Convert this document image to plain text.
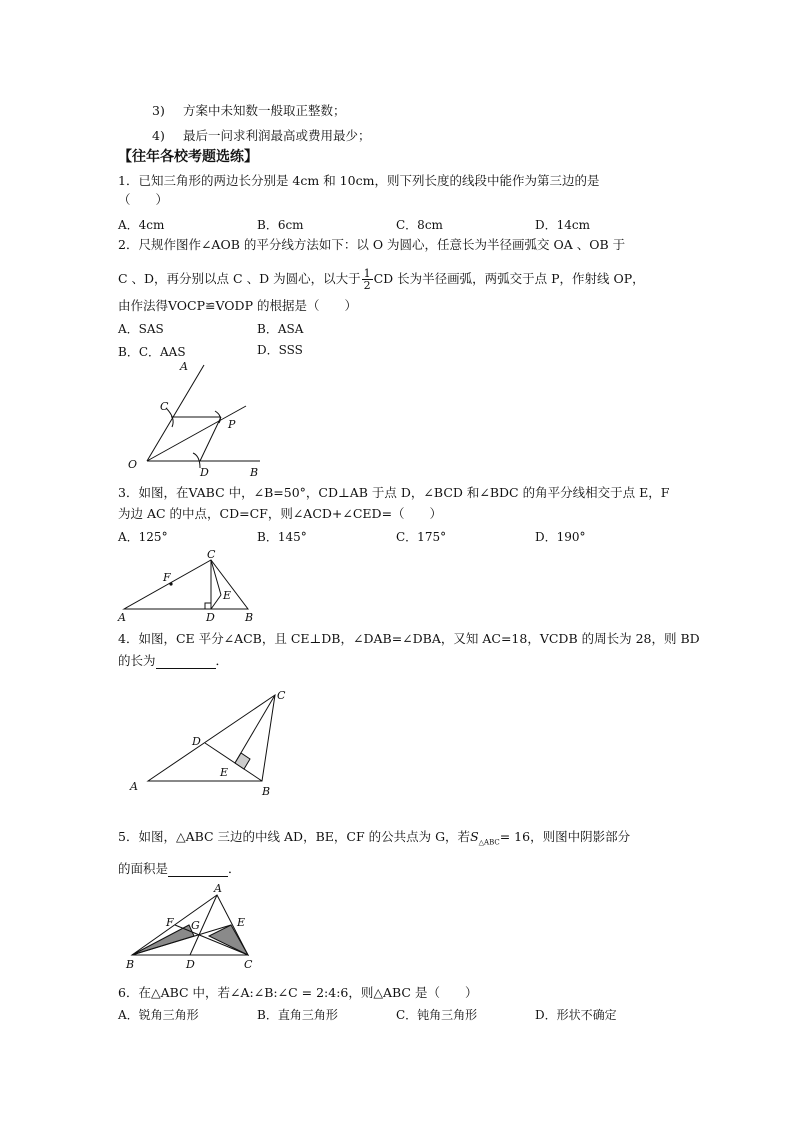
3) 方案中未知数一般取正整数；
4) 最后一问求利润最高或费用最少；
【往年各校考题选练】
1．已知三角形的两边长分别是 4cm 和 10cm，则下列长度的线段中能作为第三边的是
（　　）
A．4cm	B．6cm	C．8cm	D．14cm
2．尺规作图作∠AOB 的平分线方法如下：以 O 为圆心，任意长为半径画弧交 OA 、OB 于
C 、D，再分别以点 C 、D 为圆心，以大于 $\frac{1}{2}$ CD 长为半径画弧，两弧交于点 P，作射线 OP，
由作法得VOCP≌VODP 的根据是（　　）
A．SAS	B．ASA
B．C．AAS	D．SSS
A
C
P
O
D	B
3．如图，在VABC 中，∠B=50°，CD⊥AB 于点 D，∠BCD 和∠BDC 的角平分线相交于点 E，F
为边 AC 的中点，CD=CF，则∠ACD+∠CED=（　　）
A．125°	B．145°	C．175°	D．190°
C
F
E
A	D	B
4．如图，CE 平分∠ACB，且 CE⊥DB，∠DAB=∠DBA，又知 AC=18，VCDB 的周长为 28，则 BD
的长为	．
C
D
E
A	B
5．如图，△ABC 三边的中线 AD，BE，CF 的公共点为 G，若$S_{\triangle ABC}= 16$，则图中阴影部分
的面积是	．
A
F G	E
B	D	C
6．在△ABC 中，若∠A:∠B:∠C = 2:4:6，则△ABC 是（　　）
A．锐角三角形	B．直角三角形	C．钝角三角形	D．形状不确定
